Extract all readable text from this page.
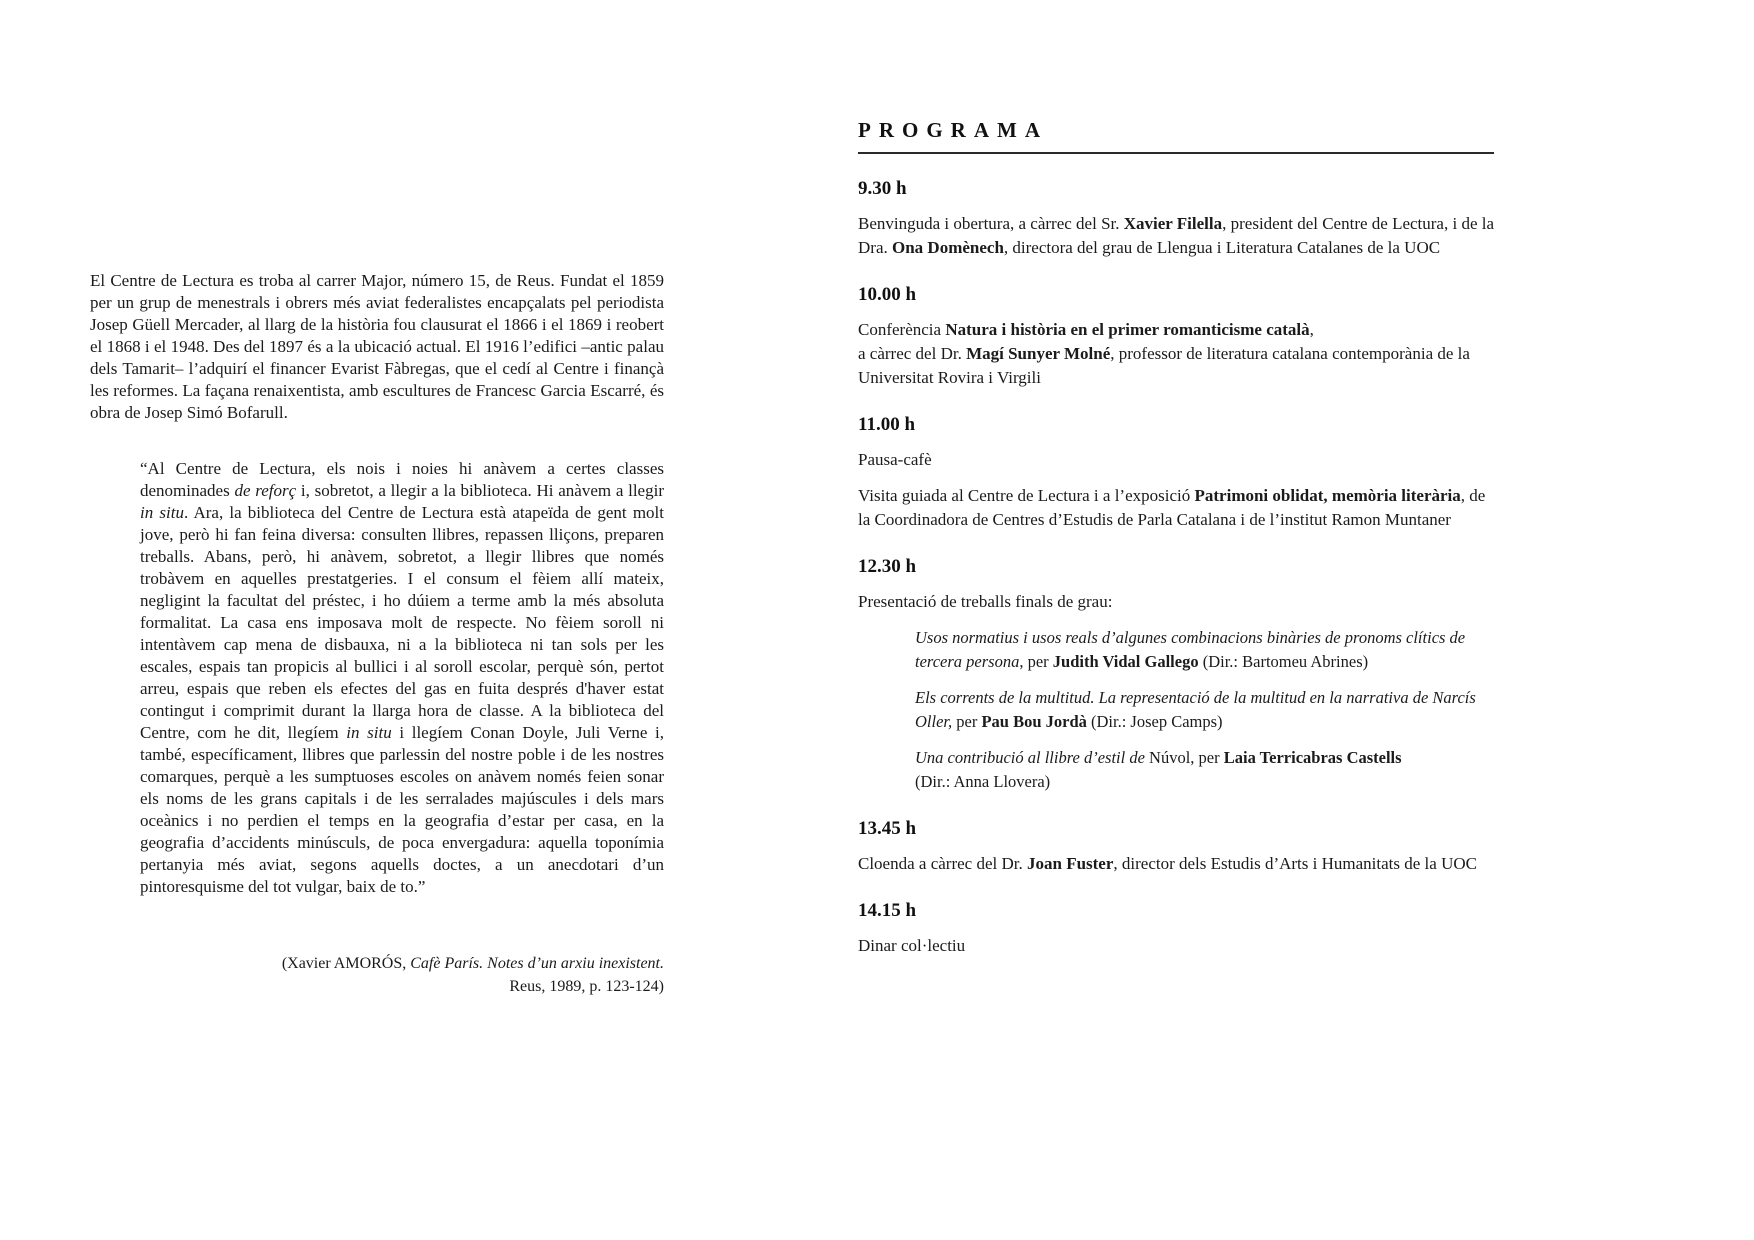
El Centre de Lectura es troba al carrer Major, número 15, de Reus. Fundat el 1859 per un grup de menestrals i obrers més aviat federalistes encapçalats pel periodista Josep Güell Mercader, al llarg de la història fou clausurat el 1866 i el 1869 i reobert el 1868 i el 1948. Des del 1897 és a la ubicació actual. El 1916 l’edifici –antic palau dels Tamarit– l’adquirí el financer Evarist Fàbregas, que el cedí al Centre i finançà les reformes. La façana renaixentista, amb escultures de Francesc Garcia Escarré, és obra de Josep Simó Bofarull.
“Al Centre de Lectura, els nois i noies hi anàvem a certes classes denominades de reforç i, sobretot, a llegir a la biblioteca. Hi anàvem a llegir in situ. Ara, la biblioteca del Centre de Lectura està atapeïda de gent molt jove, però hi fan feina diversa: consulten llibres, repassen lliçons, preparen treballs. Abans, però, hi anàvem, sobretot, a llegir llibres que només trobàvem en aquelles prestatgeries. I el consum el fèiem allí mateix, negligint la facultat del préstec, i ho dúiem a terme amb la més absoluta formalitat. La casa ens imposava molt de respecte. No fèiem soroll ni intentàvem cap mena de disbauxa, ni a la biblioteca ni tan sols per les escales, espais tan propicis al bullici i al soroll escolar, perquè són, pertot arreu, espais que reben els efectes del gas en fuita després d'haver estat contingut i comprimit durant la llarga hora de classe. A la biblioteca del Centre, com he dit, llegíem in situ i llegíem Conan Doyle, Juli Verne i, també, específicament, llibres que parlessin del nostre poble i de les nostres comarques, perquè a les sumptuoses escoles on anàvem només feien sonar els noms de les grans capitals i de les serralades majúscules i dels mars oceànics i no perdien el temps en la geografia d’estar per casa, en la geografia d’accidents minúsculs, de poca envergadura: aquella toponímia pertanyia més aviat, segons aquells doctes, a un anecdotari d’un pintoresquisme del tot vulgar, baix de to.”
(Xavier AMORÓS, Cafè París. Notes d’un arxiu inexistent.
Reus, 1989, p. 123-124)
PROGRAMA
9.30 h
Benvinguda i obertura, a càrrec del Sr. Xavier Filella, president del Centre de Lectura, i de la Dra. Ona Domènech, directora del grau de Llengua i Literatura Catalanes de la UOC
10.00 h
Conferència Natura i història en el primer romanticisme català,
a càrrec del Dr. Magí Sunyer Molné, professor de literatura catalana contemporània de la Universitat Rovira i Virgili
11.00 h
Pausa-cafè
Visita guiada al Centre de Lectura i a l’exposició Patrimoni oblidat, memòria literària, de la Coordinadora de Centres d’Estudis de Parla Catalana i de l’institut Ramon Muntaner
12.30 h
Presentació de treballs finals de grau:
Usos normatius i usos reals d’algunes combinacions binàries de pronoms clítics de tercera persona, per Judith Vidal Gallego (Dir.: Bartomeu Abrines)
Els corrents de la multitud. La representació de la multitud en la narrativa de Narcís Oller, per Pau Bou Jordà (Dir.: Josep Camps)
Una contribució al llibre d’estil de Núvol, per Laia Terricabras Castells
(Dir.: Anna Llovera)
13.45 h
Cloenda a càrrec del Dr. Joan Fuster, director dels Estudis d’Arts i Humanitats de la UOC
14.15 h
Dinar col·lectiu
